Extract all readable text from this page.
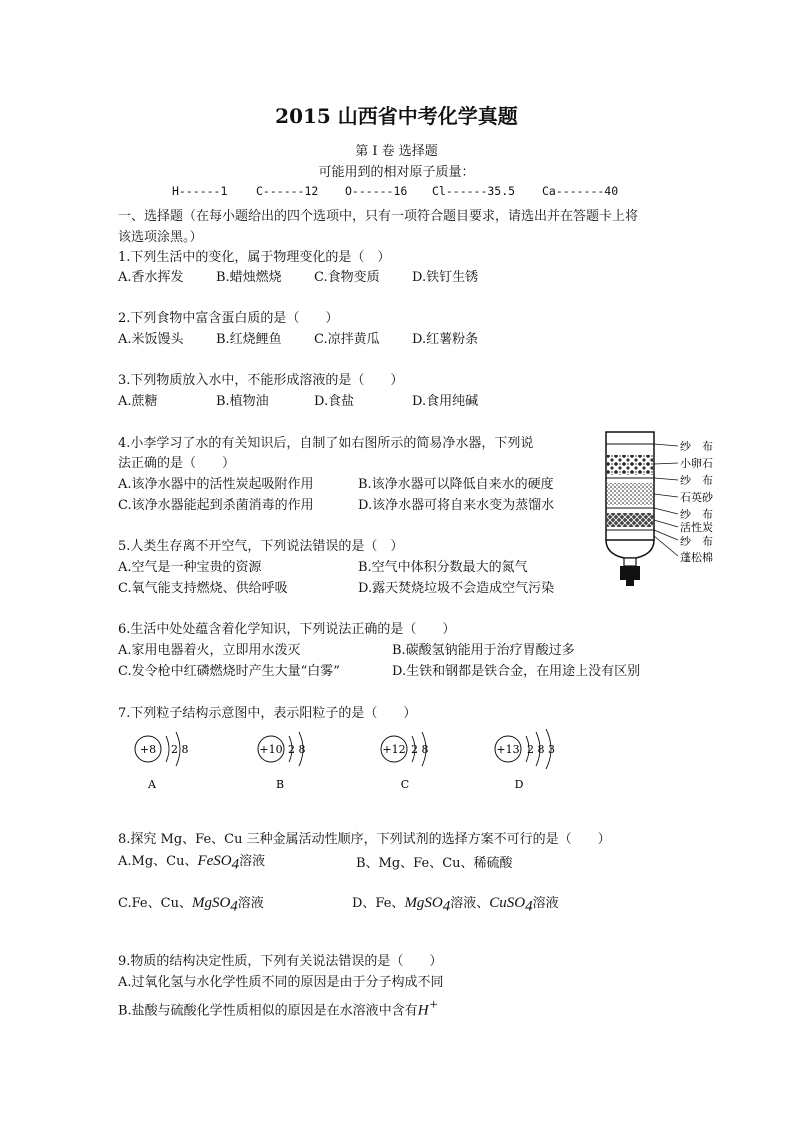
2015 山西省中考化学真题
第 I 卷 选择题
可能用到的相对原子质量：
H------1 C------12 O------16 Cl------35.5 Ca-------40
一、选择题（在每小题给出的四个选项中，只有一项符合题目要求，请选出并在答题卡上将
该选项涂黑。）
1.下列生活中的变化，属于物理变化的是（　）
A.香水挥发 B.蜡烛燃烧 C.食物变质 D.铁钉生锈
2.下列食物中富含蛋白质的是（　　）
A.米饭馒头 B.红烧鲤鱼 C.凉拌黄瓜 D.红薯粉条
3.下列物质放入水中，不能形成溶液的是（　　）
A.蔗糖	B.植物油	D.食盐	D.食用纯碱
4.小李学习了水的有关知识后，自制了如右图所示的简易净水器，下列说
法正确的是（　　）
A.该净水器中的活性炭起吸附作用	B.该净水器可以降低自来水的硬度
C.该净水器能起到杀菌消毒的作用	D.该净水器可将自来水变为蒸馏水
纱　布
小卵石
纱　布
石英砂
纱　布
活性炭
纱　布
蓬松棉
5.人类生存离不开空气，下列说法错误的是（　）
A.空气是一种宝贵的资源	B.空气中体积分数最大的氮气
C.氧气能支持燃烧、供给呼吸	D.露天焚烧垃圾不会造成空气污染
6.生活中处处蕴含着化学知识，下列说法正确的是（　　）
A.家用电器着火，立即用水泼灭	B.碳酸氢钠能用于治疗胃酸过多
C.发令枪中红磷燃烧时产生大量“白雾”	D.生铁和钢都是铁合金，在用途上没有区别
7.下列粒子结构示意图中，表示阳粒子的是（　　）
+8 2 8
A
+10 2 8
B
+12 2 8
C
+13 2 8 3
D
8.探究 Mg、Fe、Cu 三种金属活动性顺序，下列试剂的选择方案不可行的是（　　）
A.Mg、Cu、FeSO$_4$溶液	B、Mg、Fe、Cu、稀硫酸
C.Fe、Cu、MgSO$_4$溶液	D、Fe、MgSO$_4$溶液、CuSO$_4$溶液
9.物质的结构决定性质，下列有关说法错误的是（　　）
A.过氧化氢与水化学性质不同的原因是由于分子构成不同
B.盐酸与硫酸化学性质相似的原因是在水溶液中含有H+
